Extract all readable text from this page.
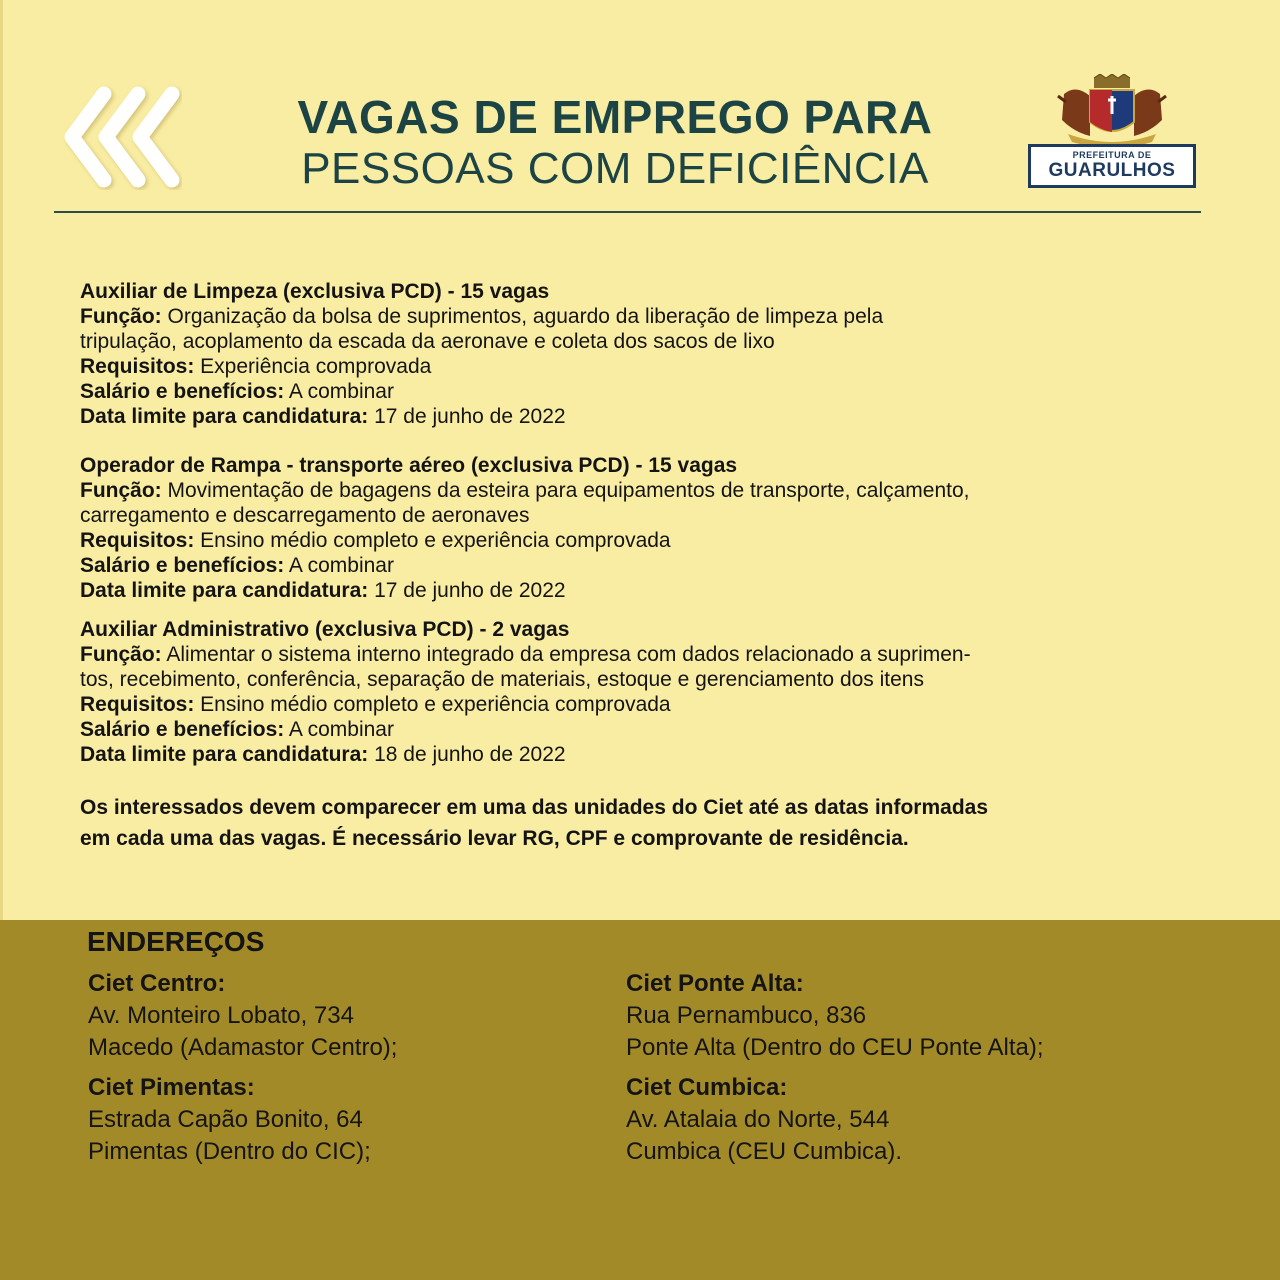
VAGAS DE EMPREGO PARA
PESSOAS COM DEFICIÊNCIA	PREFEITURA DE
GUARULHOS

Auxiliar de Limpeza (exclusiva PCD) - 15 vagas

Função: Organização da bolsa de suprimentos, aguardo da liberação de limpeza pela

tripulação, acoplamento da escada da aeronave e coleta dos sacos de lixo

Requisitos: Experiência comprovada

Salário e benefícios: A combinar

Data limite para candidatura: 17 de junho de 2022

Operador de Rampa - transporte aéreo (exclusiva PCD) - 15 vagas

Função: Movimentação de bagagens da esteira para equipamentos de transporte, calçamento,

carregamento e descarregamento de aeronaves

Requisitos: Ensino médio completo e experiência comprovada

Salário e benefícios: A combinar

Data limite para candidatura: 17 de junho de 2022

Auxiliar Administrativo (exclusiva PCD) - 2 vagas

Função: Alimentar o sistema interno integrado da empresa com dados relacionado a suprimen-

tos, recebimento, conferência, separação de materiais, estoque e gerenciamento dos itens

Requisitos: Ensino médio completo e experiência comprovada

Salário e benefícios: A combinar

Data limite para candidatura: 18 de junho de 2022

Os interessados devem comparecer em uma das unidades do Ciet até as datas informadas
em cada uma das vagas. É necessário levar RG, CPF e comprovante de residência.
ENDEREÇOS

Ciet Centro:

Av. Monteiro Lobato, 734

Macedo (Adamastor Centro);

Ciet Ponte Alta:

Rua Pernambuco, 836

Ponte Alta (Dentro do CEU Ponte Alta);

Ciet Pimentas:

Estrada Capão Bonito, 64

Pimentas (Dentro do CIC);

Ciet Cumbica:

Av. Atalaia do Norte, 544

Cumbica (CEU Cumbica).
